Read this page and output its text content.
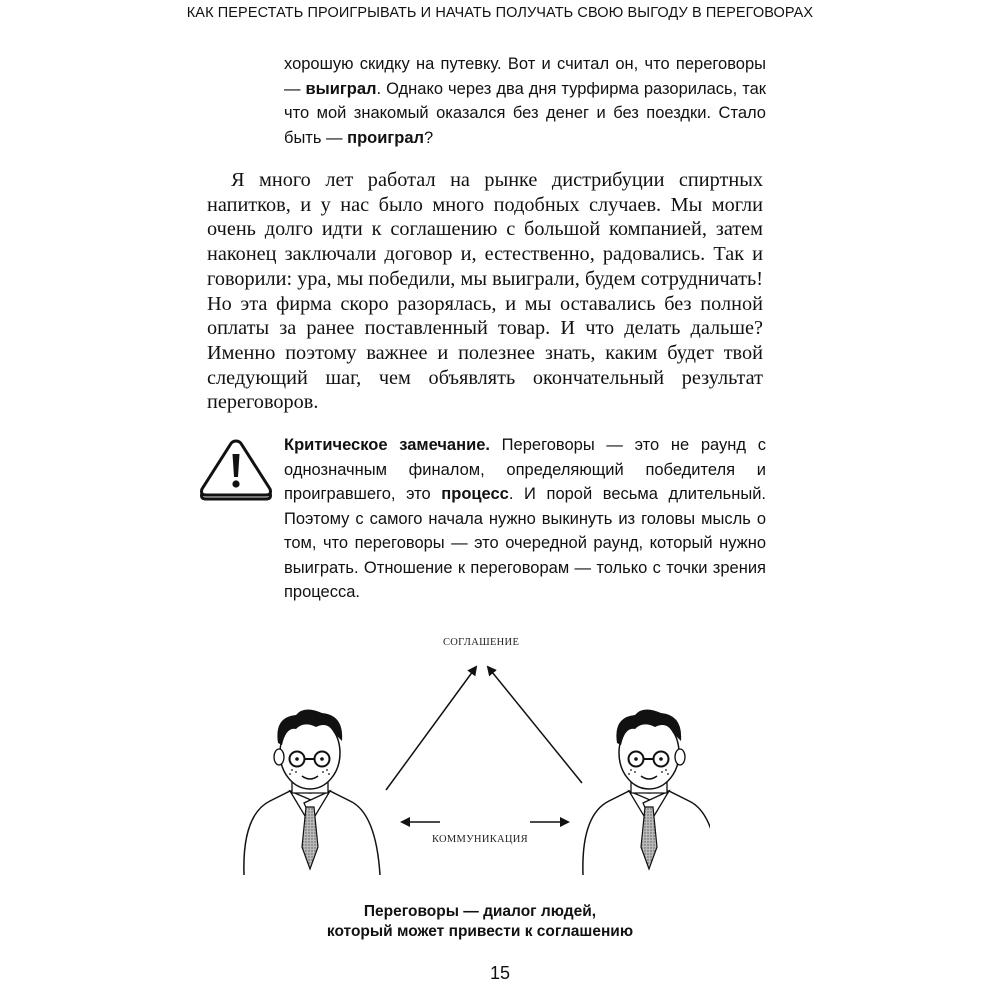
КАК ПЕРЕСТАТЬ ПРОИГРЫВАТЬ И НАЧАТЬ ПОЛУЧАТЬ СВОЮ ВЫГОДУ В ПЕРЕГОВОРАХ

хорошую скидку на путевку. Вот и считал он, что переговоры — выиграл. Однако через два дня турфирма разорилась, так что мой знакомый оказался без денег и без поездки. Стало быть — проиграл?

Я много лет работал на рынке дистрибуции спиртных напитков, и у нас было много подобных случаев. Мы могли очень долго идти к соглашению с большой компанией, затем наконец заключали договор и, естественно, радовались. Так и говорили: ура, мы победили, мы выиграли, будем сотрудничать! Но эта фирма скоро разорялась, и мы оставались без полной оплаты за ранее поставленный товар. И что делать дальше? Именно поэтому важнее и полезнее знать, каким будет твой следующий шаг, чем объявлять окончательный результат переговоров.

Критическое замечание. Переговоры — это не раунд с однозначным финалом, определяющий победителя и проигравшего, это процесс. И порой весьма длительный. Поэтому с самого начала нужно выкинуть из головы мысль о том, что переговоры — это очередной раунд, который нужно выиграть. Отношение к переговорам — только с точки зрения процесса.

СОГЛАШЕНИЕ
КОММУНИКАЦИЯ
Переговоры — диалог людей,
который может привести к соглашению
15
